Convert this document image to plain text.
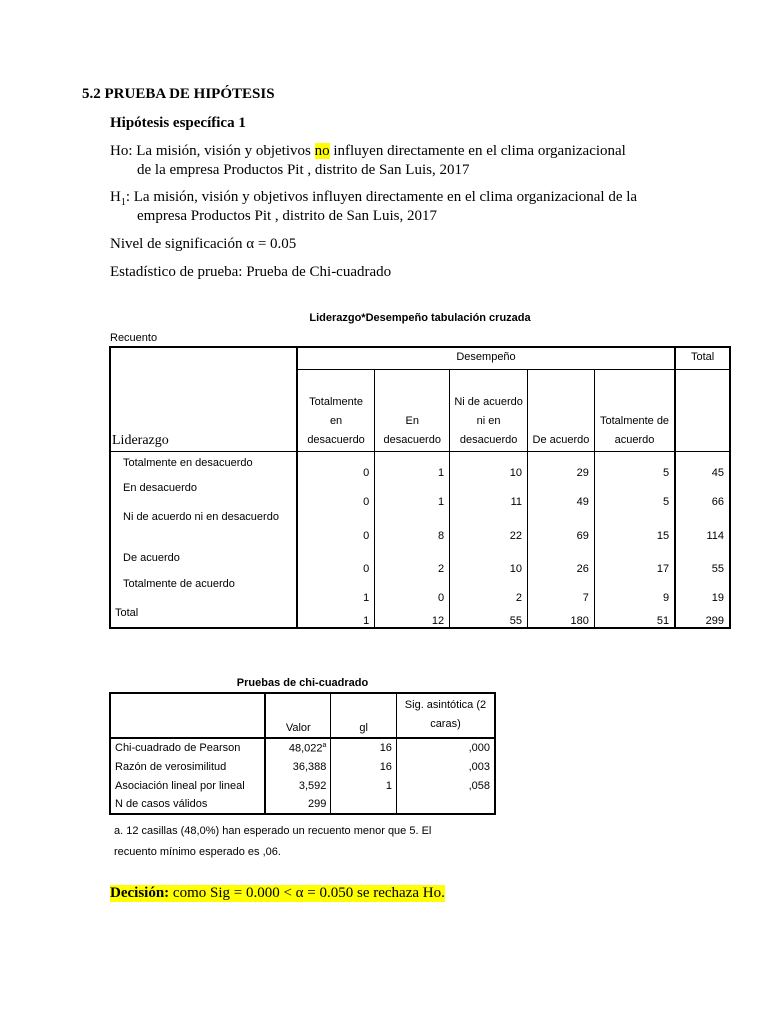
5.2 PRUEBA DE HIPÓTESIS
Hipótesis específica 1
Ho: La misión, visión y objetivos no influyen directamente en el clima organizacional
de la empresa Productos Pit , distrito de San Luis, 2017
$H_1$: La misión, visión y objetivos influyen directamente en el clima organizacional de la
empresa Productos Pit , distrito de San Luis, 2017
Nivel de significación α = 0.05
Estadístico de prueba: Prueba de Chi-cuadrado
Liderazgo*Desempeño tabulación cruzada
Recuento
Liderazgo	Desempeño					Total
	Totalmente en desacuerdo	En desacuerdo	Ni de acuerdo ni en desacuerdo	De acuerdo	Totalmente de acuerdo	
Totalmente en desacuerdo	0	1	10	29	5	45
En desacuerdo	0	1	11	49	5	66
Ni de acuerdo ni en desacuerdo	0	8	22	69	15	114
De acuerdo	0	2	10	26	17	55
Totalmente de acuerdo	1	0	2	7	9	19
Total	1	12	55	180	51	299
Pruebas de chi-cuadrado
	Valor	gl	Sig. asintótica (2
caras)

Chi-cuadrado de Pearson	48,022$^a$	16	,000
Razón de verosimilitud	36,388	16	,003
Asociación lineal por lineal	3,592	1	,058
N de casos válidos	299		
a. 12 casillas (48,0%) han esperado un recuento menor que 5. El
recuento mínimo esperado es ,06.
Decisión: como Sig = 0.000 < α = 0.050 se rechaza Ho.
